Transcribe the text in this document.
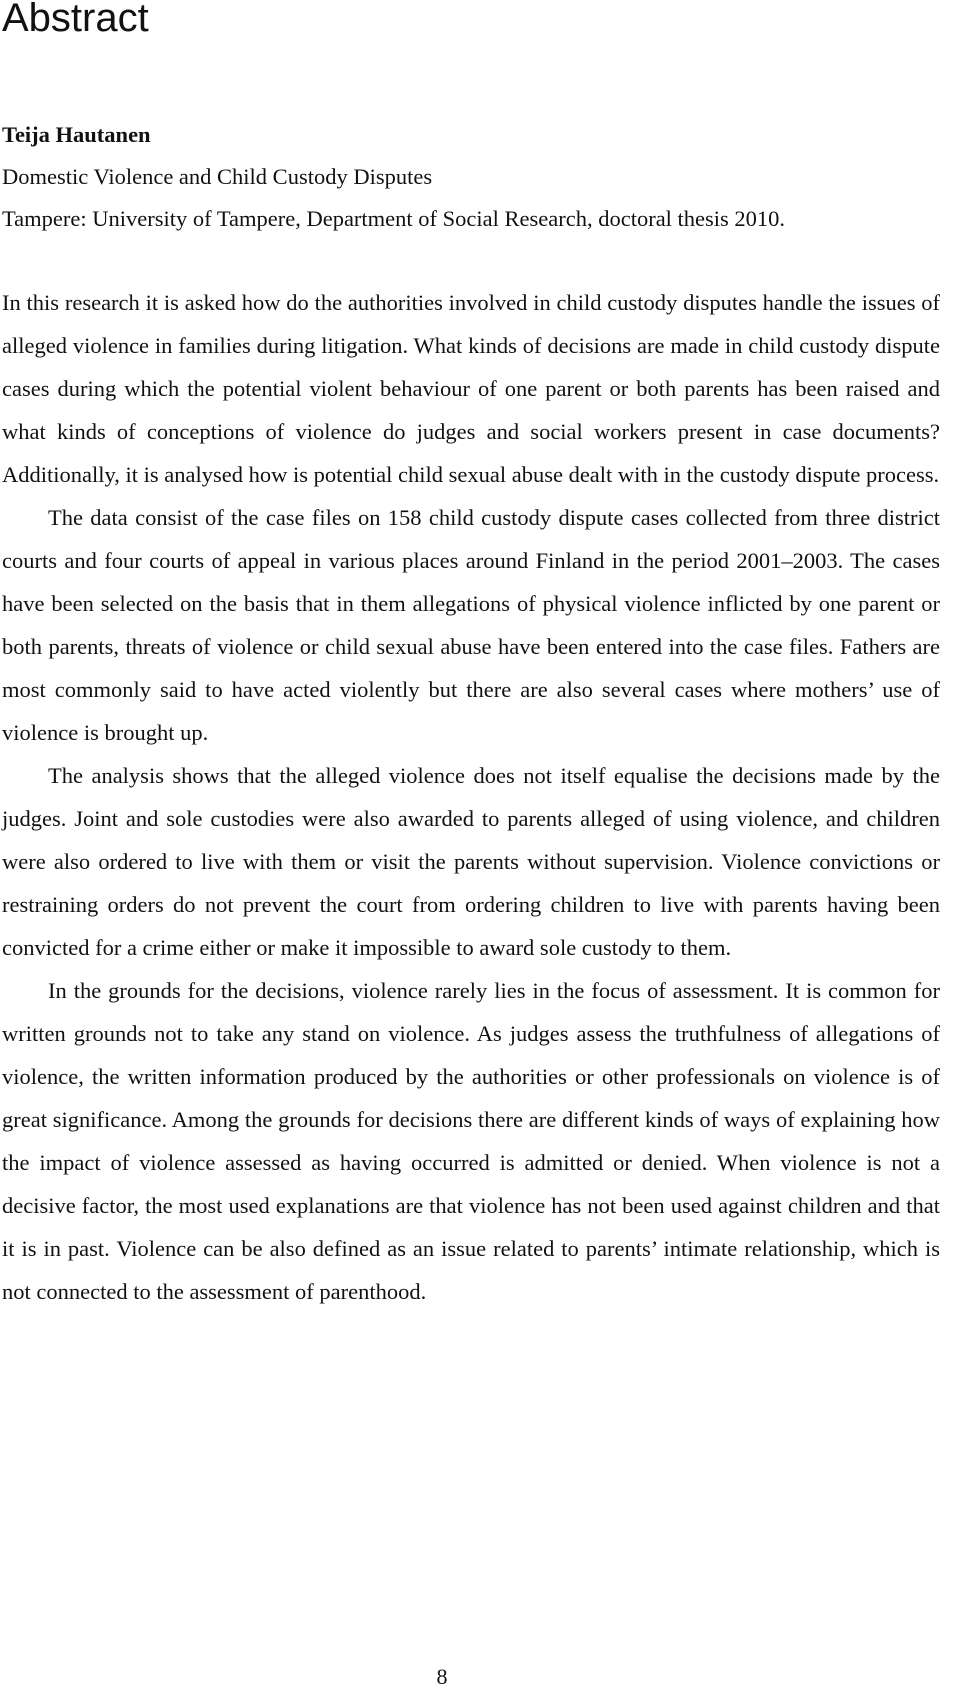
Abstract
Teija Hautanen
Domestic Violence and Child Custody Disputes
Tampere: University of Tampere, Department of Social Research, doctoral thesis 2010.

In this research it is asked how do the authorities involved in child custody disputes handle the issues of alleged violence in families during litigation. What kinds of decisions are made in child custody dispute cases during which the potential violent behaviour of one parent or both parents has been raised and what kinds of conceptions of violence do judges and social workers present in case documents? Additionally, it is analysed how is potential child sexual abuse dealt with in the custody dispute process.

The data consist of the case files on 158 child custody dispute cases collected from three district courts and four courts of appeal in various places around Finland in the period 2001–2003. The cases have been selected on the basis that in them allegations of physical violence inflicted by one parent or both parents, threats of violence or child sexual abuse have been entered into the case files. Fathers are most commonly said to have acted violently but there are also several cases where mothers’ use of violence is brought up.

The analysis shows that the alleged violence does not itself equalise the decisions made by the judges. Joint and sole custodies were also awarded to parents alleged of using violence, and children were also ordered to live with them or visit the parents without supervision. Violence convictions or restraining orders do not prevent the court from ordering children to live with parents having been convicted for a crime either or make it impossible to award sole custody to them.

In the grounds for the decisions, violence rarely lies in the focus of assessment. It is common for written grounds not to take any stand on violence. As judges assess the truthfulness of allegations of violence, the written information produced by the authorities or other professionals on violence is of great significance. Among the grounds for decisions there are different kinds of ways of explaining how the impact of violence assessed as having occurred is admitted or denied. When violence is not a decisive factor, the most used explanations are that violence has not been used against children and that it is in past. Violence can be also defined as an issue related to parents’ intimate relationship, which is not connected to the assessment of parenthood.

8
